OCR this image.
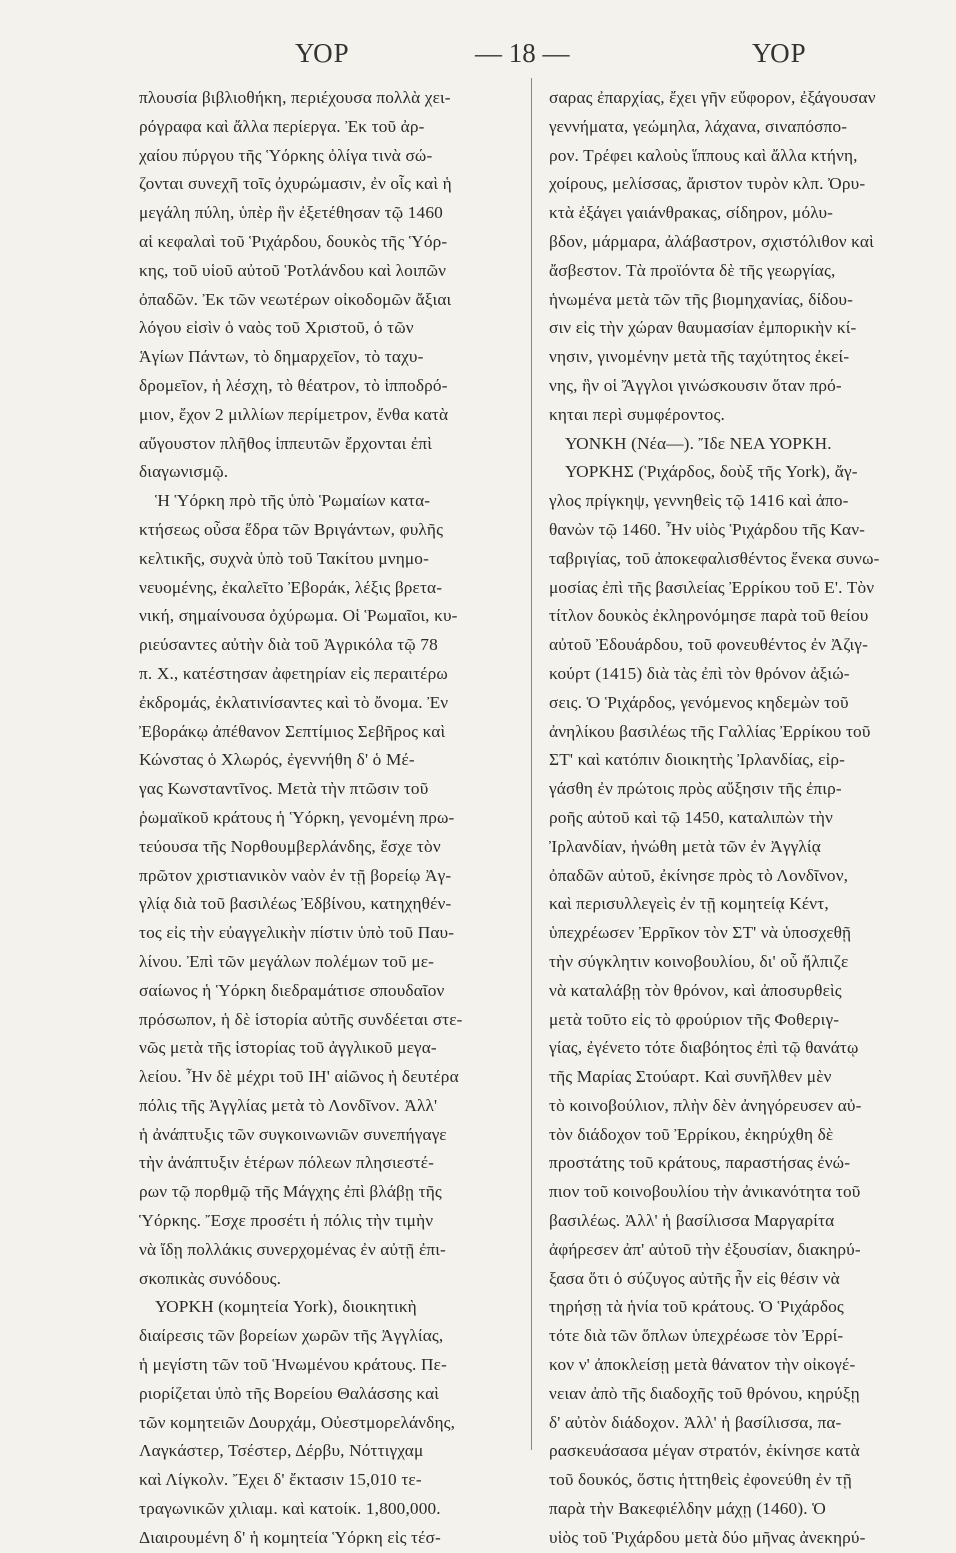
ΥΟΡ	— 18 —	ΥΟΡ
πλουσία βιβλιοθήκη, περιέχουσα πολλὰ χει-
ρόγραφα καὶ ἄλλα περίεργα. Ἐκ τοῦ ἀρ-
χαίου πύργου τῆς Ὑόρκης ὀλίγα τινὰ σώ-
ζονται συνεχῆ τοῖς ὀχυρώμασιν, ἐν οἷς καὶ ἡ
μεγάλη πύλη, ὑπὲρ ἣν ἐξετέθησαν τῷ 1460
αἱ κεφαλαὶ τοῦ Ῥιχάρδου, δουκὸς τῆς Ὑόρ-
κης, τοῦ υἱοῦ αὐτοῦ Ῥοτλάνδου καὶ λοιπῶν
ὀπαδῶν. Ἐκ τῶν νεωτέρων οἰκοδομῶν ἄξιαι
λόγου εἰσὶν ὁ ναὸς τοῦ Χριστοῦ, ὁ τῶν
Ἁγίων Πάντων, τὸ δημαρχεῖον, τὸ ταχυ-
δρομεῖον, ἡ λέσχη, τὸ θέατρον, τὸ ἱπποδρό-
μιον, ἔχον 2 μιλλίων περίμετρον, ἔνθα κατὰ
αὔγουστον πλῆθος ἱππευτῶν ἔρχονται ἐπὶ
διαγωνισμῷ.
Ἡ Ὑόρκη πρὸ τῆς ὑπὸ Ῥωμαίων κατα-
κτήσεως οὖσα ἕδρα τῶν Βριγάντων, φυλῆς
κελτικῆς, συχνὰ ὑπὸ τοῦ Τακίτου μνημο-
νευομένης, ἐκαλεῖτο Ἐβοράκ, λέξις βρετα-
νική, σημαίνουσα ὀχύρωμα. Οἱ Ῥωμαῖοι, κυ-
ριεύσαντες αὐτὴν διὰ τοῦ Ἀγρικόλα τῷ 78
π. Χ., κατέστησαν ἀφετηρίαν εἰς περαιτέρω
ἐκδρομάς, ἐκλατινίσαντες καὶ τὸ ὄνομα. Ἐν
Ἐβοράκῳ ἀπέθανον Σεπτίμιος Σεβῆρος καὶ
Κώνστας ὁ Χλωρός, ἐγεννήθη δ' ὁ Μέ-
γας Κωνσταντῖνος. Μετὰ τὴν πτῶσιν τοῦ
ῥωμαϊκοῦ κράτους ἡ Ὑόρκη, γενομένη πρω-
τεύουσα τῆς Νορθουμβερλάνδης, ἔσχε τὸν
πρῶτον χριστιανικὸν ναὸν ἐν τῇ βορείῳ Ἀγ-
γλίᾳ διὰ τοῦ βασιλέως Ἐδβίνου, κατηχηθέν-
τος εἰς τὴν εὐαγγελικὴν πίστιν ὑπὸ τοῦ Παυ-
λίνου. Ἐπὶ τῶν μεγάλων πολέμων τοῦ με-
σαίωνος ἡ Ὑόρκη διεδραμάτισε σπουδαῖον
πρόσωπον, ἡ δὲ ἱστορία αὐτῆς συνδέεται στε-
νῶς μετὰ τῆς ἱστορίας τοῦ ἀγγλικοῦ μεγα-
λείου. Ἦν δὲ μέχρι τοῦ ΙΗ' αἰῶνος ἡ δευτέρα
πόλις τῆς Ἀγγλίας μετὰ τὸ Λονδῖνον. Ἀλλ'
ἡ ἀνάπτυξις τῶν συγκοινωνιῶν συνεπήγαγε
τὴν ἀνάπτυξιν ἑτέρων πόλεων πλησιεστέ-
ρων τῷ πορθμῷ τῆς Μάγχης ἐπὶ βλάβῃ τῆς
Ὑόρκης. Ἔσχε προσέτι ἡ πόλις τὴν τιμὴν
νὰ ἴδῃ πολλάκις συνερχομένας ἐν αὐτῇ ἐπι-
σκοπικὰς συνόδους.
ΥΟΡΚΗ (κομητεία York), διοικητικὴ
διαίρεσις τῶν βορείων χωρῶν τῆς Ἀγγλίας,
ἡ μεγίστη τῶν τοῦ Ἡνωμένου κράτους. Πε-
ριορίζεται ὑπὸ τῆς Βορείου Θαλάσσης καὶ
τῶν κομητειῶν Δουρχάμ, Οὐεστμορελάνδης,
Λαγκάστερ, Τσέστερ, Δέρβυ, Νόττιγχαμ
καὶ Λίγκολν. Ἔχει δ' ἔκτασιν 15,010 τε-
τραγωνικῶν χιλιαμ. καὶ κατοίκ. 1,800,000.
Διαιρουμένη δ' ἡ κομητεία Ὑόρκη εἰς τέσ-
σαρας ἐπαρχίας, ἔχει γῆν εὔφορον, ἐξάγουσαν
γεννήματα, γεώμηλα, λάχανα, σιναπόσπο-
ρον. Τρέφει καλοὺς ἵππους καὶ ἄλλα κτήνη,
χοίρους, μελίσσας, ἄριστον τυρὸν κλπ. Ὀρυ-
κτὰ ἐξάγει γαιάνθρακας, σίδηρον, μόλυ-
βδον, μάρμαρα, ἀλάβαστρον, σχιστόλιθον καὶ
ἄσβεστον. Τὰ προϊόντα δὲ τῆς γεωργίας,
ἡνωμένα μετὰ τῶν τῆς βιομηχανίας, δίδου-
σιν εἰς τὴν χώραν θαυμασίαν ἐμπορικὴν κί-
νησιν, γινομένην μετὰ τῆς ταχύτητος ἐκεί-
νης, ἣν οἱ Ἄγγλοι γινώσκουσιν ὅταν πρό-
κηται περὶ συμφέροντος.
ΥΟΝΚΗ (Νέα—). Ἴδε ΝΕΑ ΥΟΡΚΗ.
ΥΟΡΚΗΣ (Ῥιχάρδος, δοὺξ τῆς York), ἄγ-
γλος πρίγκηψ, γεννηθεὶς τῷ 1416 καὶ ἀπο-
θανὼν τῷ 1460. Ἦν υἱὸς Ῥιχάρδου τῆς Καν-
ταβριγίας, τοῦ ἀποκεφαλισθέντος ἕνεκα συνω-
μοσίας ἐπὶ τῆς βασιλείας Ἐρρίκου τοῦ Ε'. Τὸν
τίτλον δουκὸς ἐκληρονόμησε παρὰ τοῦ θείου
αὐτοῦ Ἐδουάρδου, τοῦ φονευθέντος ἐν Ἀζιγ-
κούρτ (1415) διὰ τὰς ἐπὶ τὸν θρόνον ἀξιώ-
σεις. Ὁ Ῥιχάρδος, γενόμενος κηδεμὼν τοῦ
ἀνηλίκου βασιλέως τῆς Γαλλίας Ἐρρίκου τοῦ
ΣΤ' καὶ κατόπιν διοικητὴς Ἰρλανδίας, εἰρ-
γάσθη ἐν πρώτοις πρὸς αὔξησιν τῆς ἐπιρ-
ροῆς αὐτοῦ καὶ τῷ 1450, καταλιπὼν τὴν
Ἰρλανδίαν, ἡνώθη μετὰ τῶν ἐν Ἀγγλίᾳ
ὀπαδῶν αὐτοῦ, ἐκίνησε πρὸς τὸ Λονδῖνον,
καὶ περισυλλεγεὶς ἐν τῇ κομητείᾳ Κέντ,
ὑπεχρέωσεν Ἐρρῖκον τὸν ΣΤ' νὰ ὑποσχεθῇ
τὴν σύγκλητιν κοινοβουλίου, δι' οὗ ἤλπιζε
νὰ καταλάβῃ τὸν θρόνον, καὶ ἀποσυρθεὶς
μετὰ τοῦτο εἰς τὸ φρούριον τῆς Φοθεριγ-
γίας, ἐγένετο τότε διαβόητος ἐπὶ τῷ θανάτῳ
τῆς Μαρίας Στούαρτ. Καὶ συνῆλθεν μὲν
τὸ κοινοβούλιον, πλὴν δὲν ἀνηγόρευσεν αὐ-
τὸν διάδοχον τοῦ Ἐρρίκου, ἐκηρύχθη δὲ
προστάτης τοῦ κράτους, παραστήσας ἐνώ-
πιον τοῦ κοινοβουλίου τὴν ἀνικανότητα τοῦ
βασιλέως. Ἀλλ' ἡ βασίλισσα Μαργαρίτα
ἀφήρεσεν ἀπ' αὐτοῦ τὴν ἐξουσίαν, διακηρύ-
ξασα ὅτι ὁ σύζυγος αὐτῆς ἦν εἰς θέσιν νὰ
τηρήσῃ τὰ ἡνία τοῦ κράτους. Ὁ Ῥιχάρδος
τότε διὰ τῶν ὅπλων ὑπεχρέωσε τὸν Ἐρρί-
κον ν' ἀποκλείσῃ μετὰ θάνατον τὴν οἰκογέ-
νειαν ἀπὸ τῆς διαδοχῆς τοῦ θρόνου, κηρύξῃ
δ' αὐτὸν διάδοχον. Ἀλλ' ἡ βασίλισσα, πα-
ρασκευάσασα μέγαν στρατόν, ἐκίνησε κατὰ
τοῦ δουκός, ὅστις ἡττηθεὶς ἐφονεύθη ἐν τῇ
παρὰ τὴν Βακεφιέλδην μάχῃ (1460). Ὁ
υἱὸς τοῦ Ῥιχάρδου μετὰ δύο μῆνας ἀνεκηρύ-
